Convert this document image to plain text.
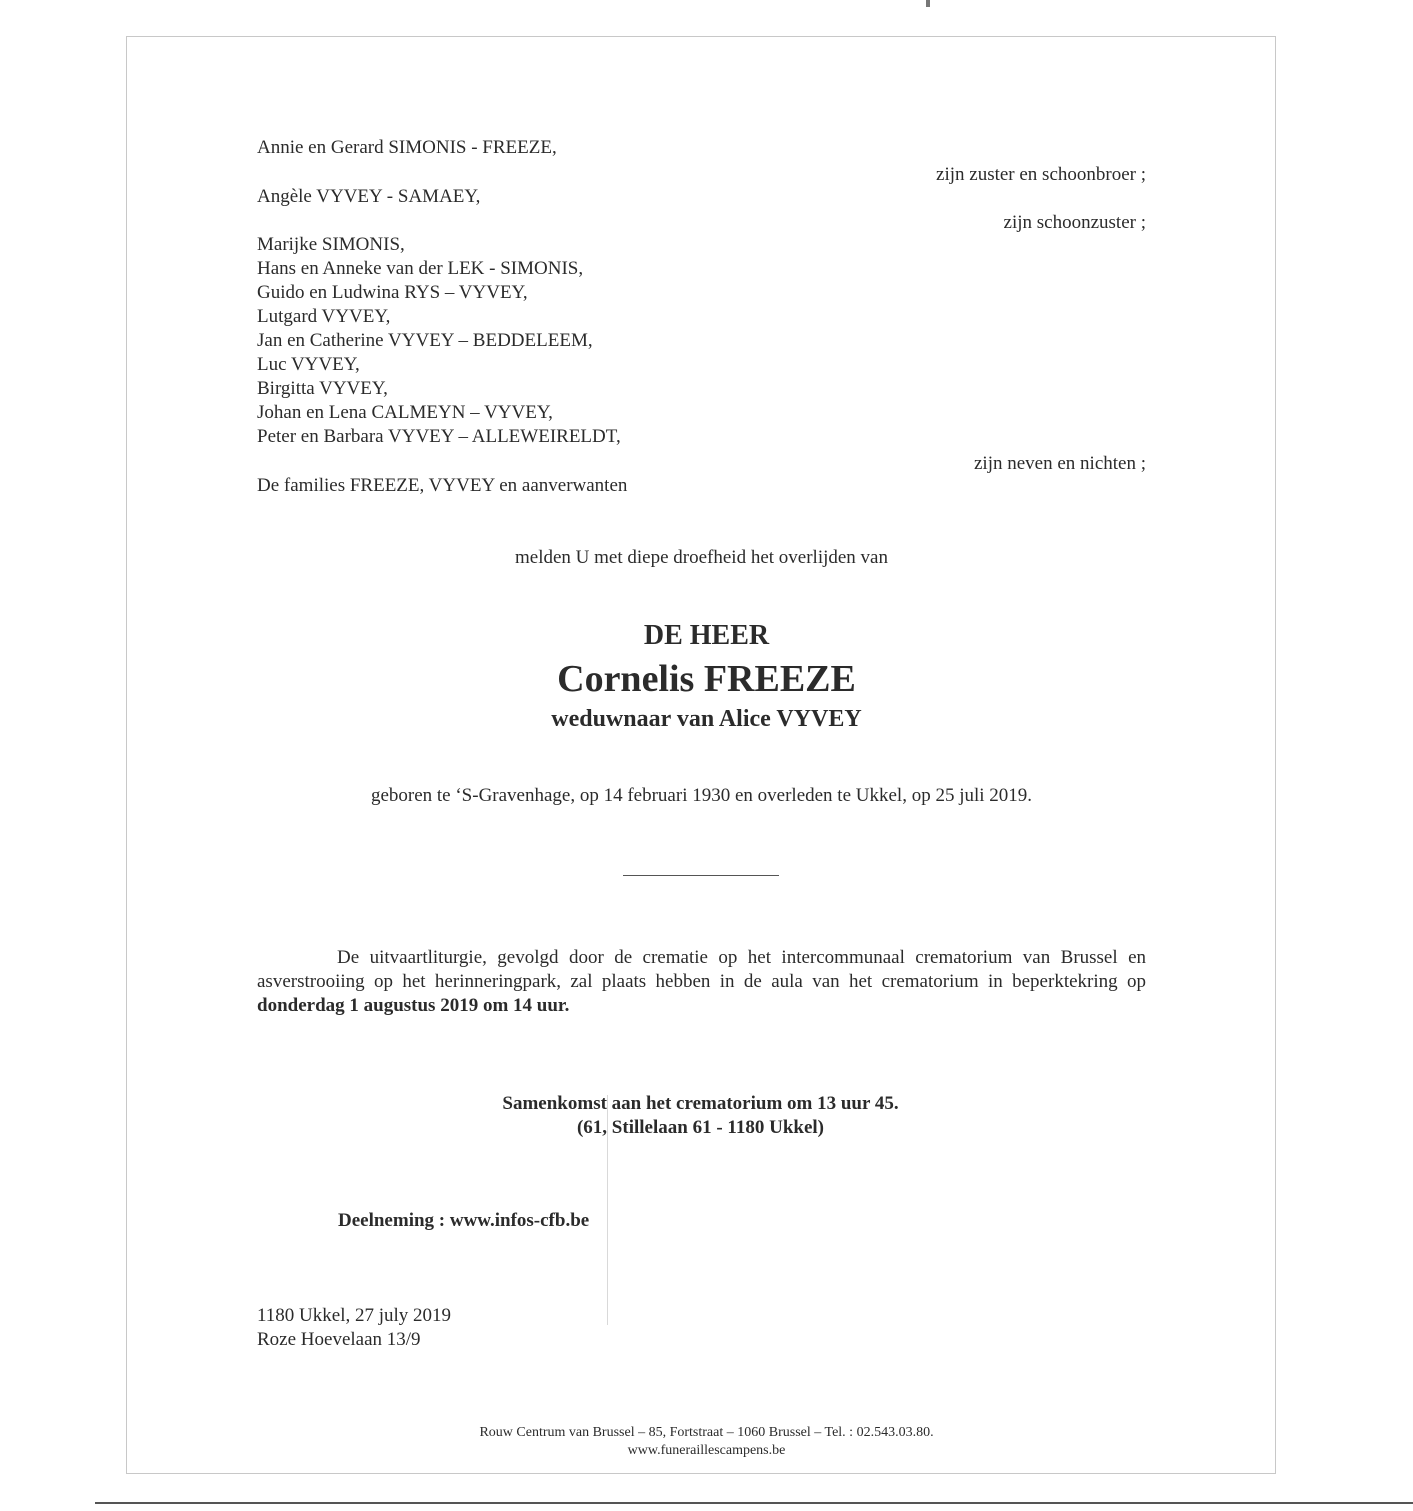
Annie en Gerard SIMONIS - FREEZE,
zijn zuster en schoonbroer ;
Angèle VYVEY - SAMAEY,
zijn schoonzuster ;
Marijke SIMONIS,
Hans en Anneke van der LEK - SIMONIS,
Guido en Ludwina RYS – VYVEY,
Lutgard VYVEY,
Jan en Catherine VYVEY – BEDDELEEM,
Luc VYVEY,
Birgitta VYVEY,
Johan en Lena CALMEYN – VYVEY,
Peter en Barbara VYVEY – ALLEWEIRELDT,
zijn neven en nichten ;
De families FREEZE, VYVEY en aanverwanten
melden U met diepe droefheid het overlijden van
DE HEER
Cornelis FREEZE
weduwnaar van Alice VYVEY
geboren te ‘S-Gravenhage, op 14 februari 1930 en overleden te Ukkel, op 25 juli 2019.
De uitvaartliturgie, gevolgd door de crematie op het intercommunaal crematorium van Brussel en asverstrooiing op het herinneringpark, zal plaats hebben in de aula van het crematorium in beperktekring op donderdag 1 augustus 2019 om 14 uur.
Samenkomst aan het crematorium om 13 uur 45.
(61, Stillelaan 61 - 1180 Ukkel)
Deelneming : www.infos-cfb.be
1180 Ukkel, 27 july 2019
Roze Hoevelaan 13/9
Rouw Centrum van Brussel – 85, Fortstraat – 1060 Brussel – Tel. : 02.543.03.80.
www.funeraillescampens.be
